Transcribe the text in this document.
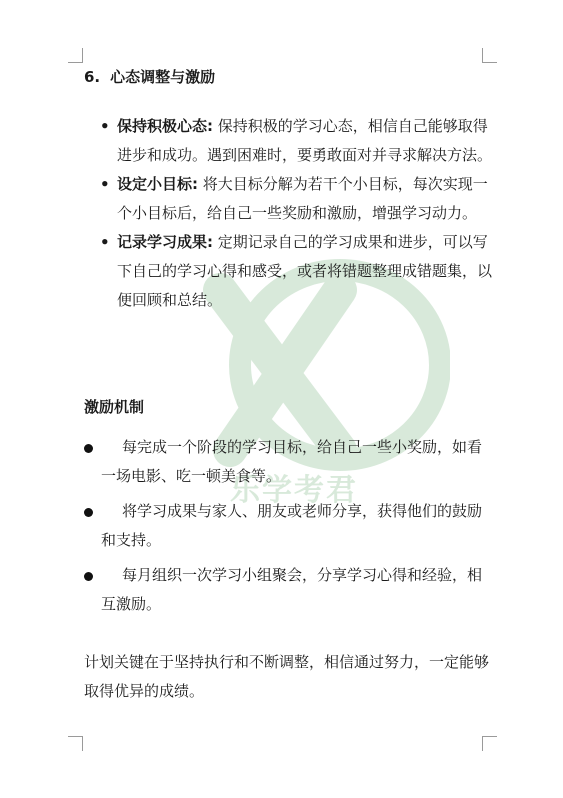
乐学考君
6. 心态调整与激励
• 保持积极心态: 保持积极的学习心态，相信自己能够取得进步和成功。遇到困难时，要勇敢面对并寻求解决方法。
• 设定小目标: 将大目标分解为若干个小目标，每次实现一个小目标后，给自己一些奖励和激励，增强学习动力。
• 记录学习成果: 定期记录自己的学习成果和进步，可以写下自己的学习心得和感受，或者将错题整理成错题集，以便回顾和总结。
激励机制
每完成一个阶段的学习目标，给自己一些小奖励，如看一场电影、吃一顿美食等。
将学习成果与家人、朋友或老师分享，获得他们的鼓励和支持。
每月组织一次学习小组聚会，分享学习心得和经验，相互激励。
计划关键在于坚持执行和不断调整，相信通过努力，一定能够取得优异的成绩。
